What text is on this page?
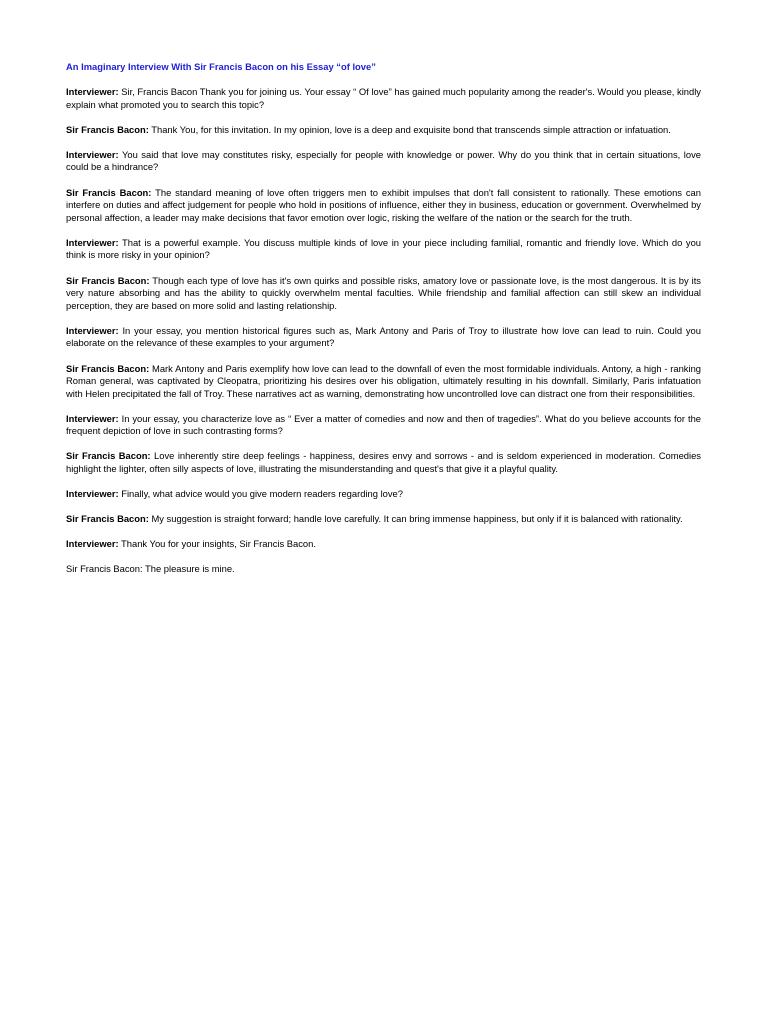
An Imaginary Interview With Sir Francis Bacon on his Essay “of love”

Interviewer: Sir, Francis Bacon Thank you for joining us. Your essay “ Of love” has gained much popularity among the reader's. Would you please, kindly explain what promoted you to search this topic?

Sir Francis Bacon: Thank You, for this invitation. In my opinion, love is a deep and exquisite bond that transcends simple attraction or infatuation.

Interviewer: You said that love may constitutes risky, especially for people with knowledge or power. Why do you think that in certain situations, love could be a hindrance?

Sir Francis Bacon: The standard meaning of love often triggers men to exhibit impulses that don't fall consistent to rationally. These emotions can interfere on duties and affect judgement for people who hold in positions of influence, either they in business, education or government. Overwhelmed by personal affection, a leader may make decisions that favor emotion over logic, risking the welfare of the nation or the search for the truth.

Interviewer: That is a powerful example. You discuss multiple kinds of love in your piece including familial, romantic and friendly love. Which do you think is more risky in your opinion?

Sir Francis Bacon: Though each type of love has it's own quirks and possible risks, amatory love or passionate love, is the most dangerous. It is by its very nature absorbing and has the ability to quickly overwhelm mental faculties. While friendship and familial affection can still skew an individual perception, they are based on more solid and lasting relationship.

Interviewer: In your essay, you mention historical figures such as, Mark Antony and Paris of Troy to illustrate how love can lead to ruin. Could you elaborate on the relevance of these examples to your argument?

Sir Francis Bacon: Mark Antony and Paris exemplify how love can lead to the downfall of even the most formidable individuals. Antony, a high - ranking Roman general, was captivated by Cleopatra, prioritizing his desires over his obligation, ultimately resulting in his downfall. Similarly, Paris infatuation with Helen precipitated the fall of Troy. These narratives act as warning, demonstrating how uncontrolled love can distract one from their responsibilities.

Interviewer: In your essay, you characterize love as “ Ever a matter of comedies and now and then of tragedies”. What do you believe accounts for the frequent depiction of love in such contrasting forms?

Sir Francis Bacon: Love inherently stire deep feelings - happiness, desires envy and sorrows - and is seldom experienced in moderation. Comedies highlight the lighter, often silly aspects of love, illustrating the misunderstanding and quest's that give it a playful quality.

Interviewer: Finally, what advice would you give modern readers regarding love?

Sir Francis Bacon: My suggestion is straight forward; handle love carefully. It can bring immense happiness, but only if it is balanced with rationality.

Interviewer: Thank You for your insights, Sir Francis Bacon.

Sir Francis Bacon: The pleasure is mine.
